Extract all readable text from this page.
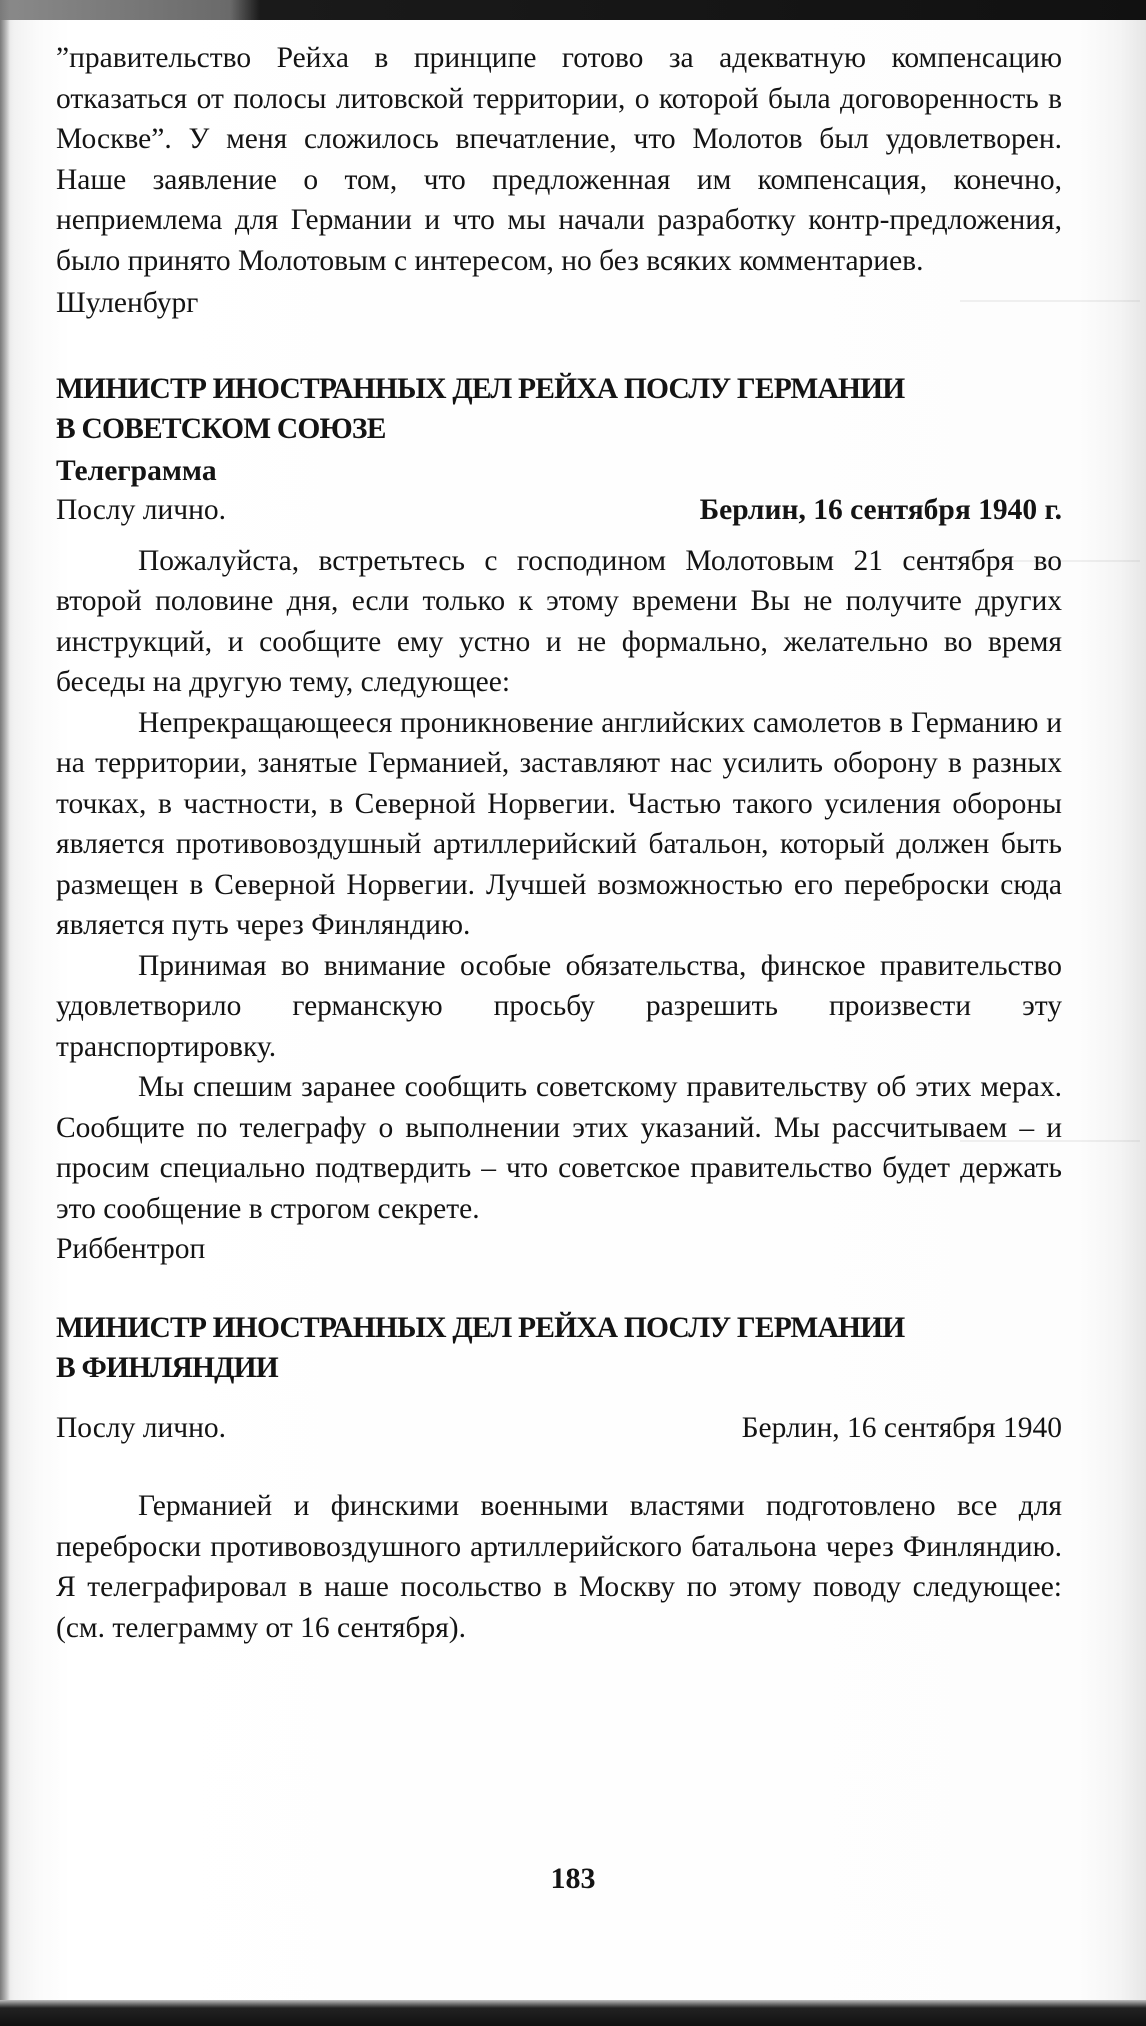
”правительство Рейха в принципе готово за адекватную компенсацию отказаться от полосы литовской территории, о которой была договоренность в Москве”. У меня сложилось впечатление, что Молотов был удовлетворен. Наше заявление о том, что предложенная им компенсация, конечно, неприемлема для Германии и что мы начали разработку контр-предложения, было принято Молотовым с интересом, но без всяких комментариев.

Шуленбург

МИНИСТР ИНОСТРАННЫХ ДЕЛ РЕЙХА ПОСЛУ ГЕРМАНИИ

В СОВЕТСКОМ СОЮЗЕ

Телеграмма

Послу лично.	Берлин, 16 сентября 1940 г.

Пожалуйста, встретьтесь с господином Молотовым 21 сентября во второй половине дня, если только к этому времени Вы не получите других инструкций, и сообщите ему устно и не формально, желательно во время беседы на другую тему, следующее:

Непрекращающееся проникновение английских самолетов в Германию и на территории, занятые Германией, заставляют нас усилить оборону в разных точках, в частности, в Северной Норвегии. Частью такого усиления обороны является противовоздушный артиллерийский батальон, который должен быть размещен в Северной Норвегии. Лучшей возможностью его переброски сюда является путь через Финляндию.

Принимая во внимание особые обязательства, финское правительство удовлетворило германскую просьбу разрешить произвести эту транспортировку.

Мы спешим заранее сообщить советскому правительству об этих мерах. Сообщите по телеграфу о выполнении этих указаний. Мы рассчитываем – и просим специально подтвердить – что советское правительство будет держать это сообщение в строгом секрете.

Риббентроп

МИНИСТР ИНОСТРАННЫХ ДЕЛ РЕЙХА ПОСЛУ ГЕРМАНИИ

В ФИНЛЯНДИИ

Послу лично.	Берлин, 16 сентября 1940

Германией и финскими военными властями подготовлено все для переброски противовоздушного артиллерийского батальона через Финляндию. Я телеграфировал в наше посольство в Москву по этому поводу следующее: (см. телеграмму от 16 сентября).

183
